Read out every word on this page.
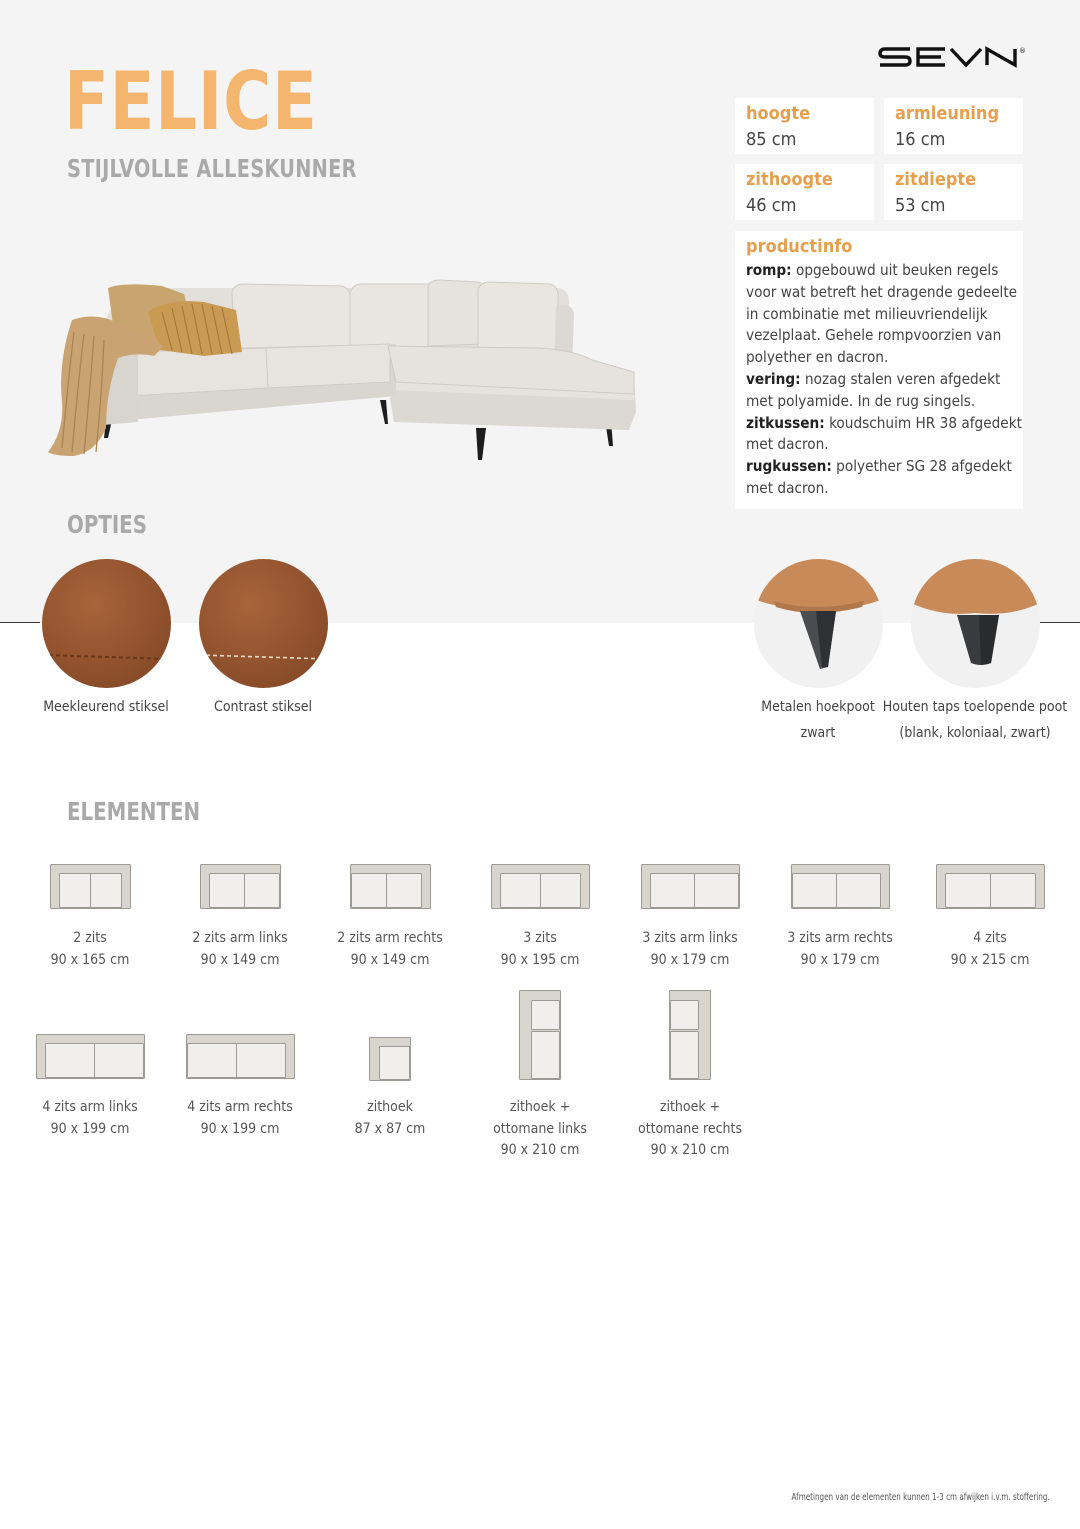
®
FELICE
STIJLVOLLE ALLESKUNNER
hoogte
85 cm
armleuning
16 cm
zithoogte
46 cm
zitdiepte
53 cm
productinfo
romp: opgebouwd uit beuken regels voor wat betreft het dragende gedeelte in combinatie met milieuvriendelijk vezelplaat. Gehele rompvoorzien van polyether en dacron.
vering: nozag stalen veren afgedekt met polyamide. In de rug singels.
zitkussen: koudschuim HR 38 afgedekt met dacron.
rugkussen: polyether SG 28 afgedekt met dacron.
OPTIES
Meekleurend stiksel	Contrast stiksel	Metalen hoekpoot
zwart
Houten taps toelopende poot
(blank, koloniaal, zwart)
ELEMENTEN
2 zits
90 x 165 cm
2 zits arm links
90 x 149 cm
2 zits arm rechts
90 x 149 cm
3 zits
90 x 195 cm
3 zits arm links
90 x 179 cm
3 zits arm rechts
90 x 179 cm
4 zits
90 x 215 cm
4 zits arm links
90 x 199 cm
4 zits arm rechts
90 x 199 cm
zithoek
87 x 87 cm
zithoek +
ottomane links
90 x 210 cm
zithoek +
ottomane rechts
90 x 210 cm
Afmetingen van de elementen kunnen 1-3 cm afwijken i.v.m. stoffering.
